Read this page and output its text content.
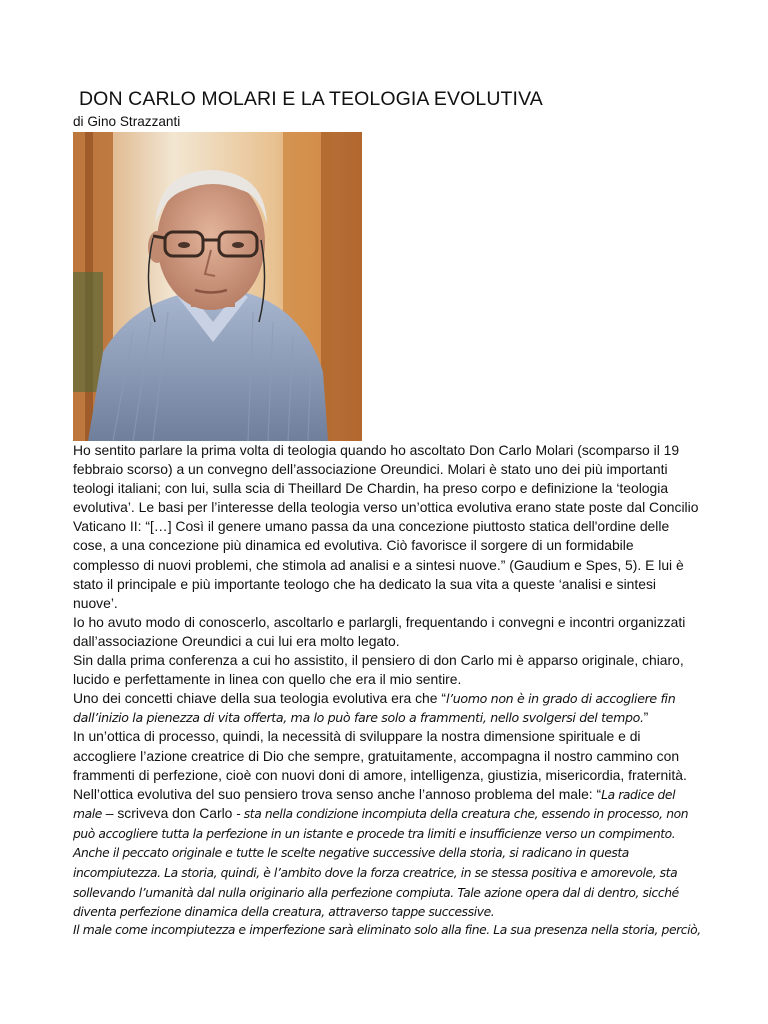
DON CARLO MOLARI E LA TEOLOGIA EVOLUTIVA
di Gino Strazzanti

Ho sentito parlare la prima volta di teologia quando ho ascoltato Don Carlo Molari (scomparso il 19 febbraio scorso) a un convegno dell’associazione Oreundici. Molari è stato uno dei più importanti teologi italiani; con lui, sulla scia di Theillard De Chardin, ha preso corpo e definizione la ‘teologia evolutiva’. Le basi per l’interesse della teologia verso un’ottica evolutiva erano state poste dal Concilio Vaticano II: “[…] Così il genere umano passa da una concezione piuttosto statica dell'ordine delle cose, a una concezione più dinamica ed evolutiva. Ciò favorisce il sorgere di un formidabile complesso di nuovi problemi, che stimola ad analisi e a sintesi nuove.” (Gaudium e Spes, 5). E lui è stato il principale e più importante teologo che ha dedicato la sua vita a queste ‘analisi e sintesi nuove’.

Io ho avuto modo di conoscerlo, ascoltarlo e parlargli, frequentando i convegni e incontri organizzati dall’associazione Oreundici a cui lui era molto legato.

Sin dalla prima conferenza a cui ho assistito, il pensiero di don Carlo mi è apparso originale, chiaro, lucido e perfettamente in linea con quello che era il mio sentire.

Uno dei concetti chiave della sua teologia evolutiva era che “l’uomo non è in grado di accogliere fin dall’inizio la pienezza di vita offerta, ma lo può fare solo a frammenti, nello svolgersi del tempo.”

In un’ottica di processo, quindi, la necessità di sviluppare la nostra dimensione spirituale e di accogliere l’azione creatrice di Dio che sempre, gratuitamente, accompagna il nostro cammino con frammenti di perfezione, cioè con nuovi doni di amore, intelligenza, giustizia, misericordia, fraternità.

Nell’ottica evolutiva del suo pensiero trova senso anche l’annoso problema del male: “La radice del male – scriveva don Carlo - sta nella condizione incompiuta della creatura che, essendo in processo, non può accogliere tutta la perfezione in un istante e procede tra limiti e insufficienze verso un compimento. Anche il peccato originale e tutte le scelte negative successive della storia, si radicano in questa incompiutezza. La storia, quindi, è l’ambito dove la forza creatrice, in se stessa positiva e amorevole, sta sollevando l’umanità dal nulla originario alla perfezione compiuta. Tale azione opera dal di dentro, sicché diventa perfezione dinamica della creatura, attraverso tappe successive.

Il male come incompiutezza e imperfezione sarà eliminato solo alla fine. La sua presenza nella storia, perciò,
